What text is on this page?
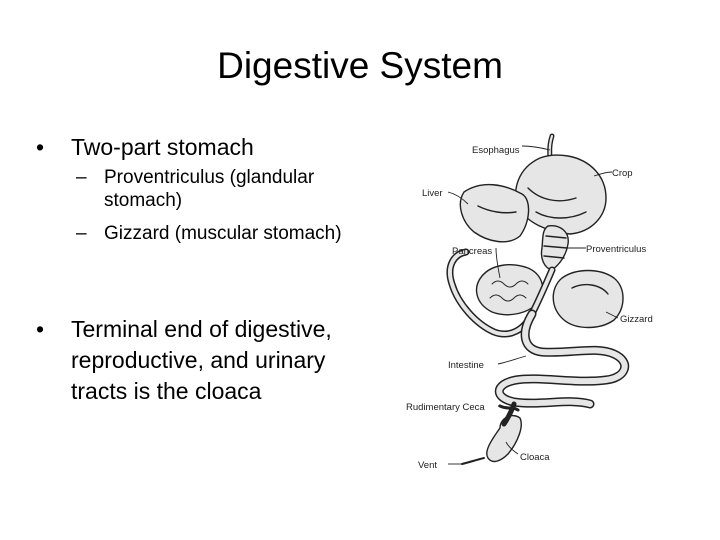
Digestive System
•	Two-part stomach
– Proventriculus (glandular stomach)
– Gizzard (muscular stomach)
•	Terminal end of digestive, reproductive, and urinary tracts is the cloaca
Esophagus
Crop
Liver
Pancreas	Proventriculus
Gizzard
Intestine
Rudimentary Ceca
Cloaca
Vent
